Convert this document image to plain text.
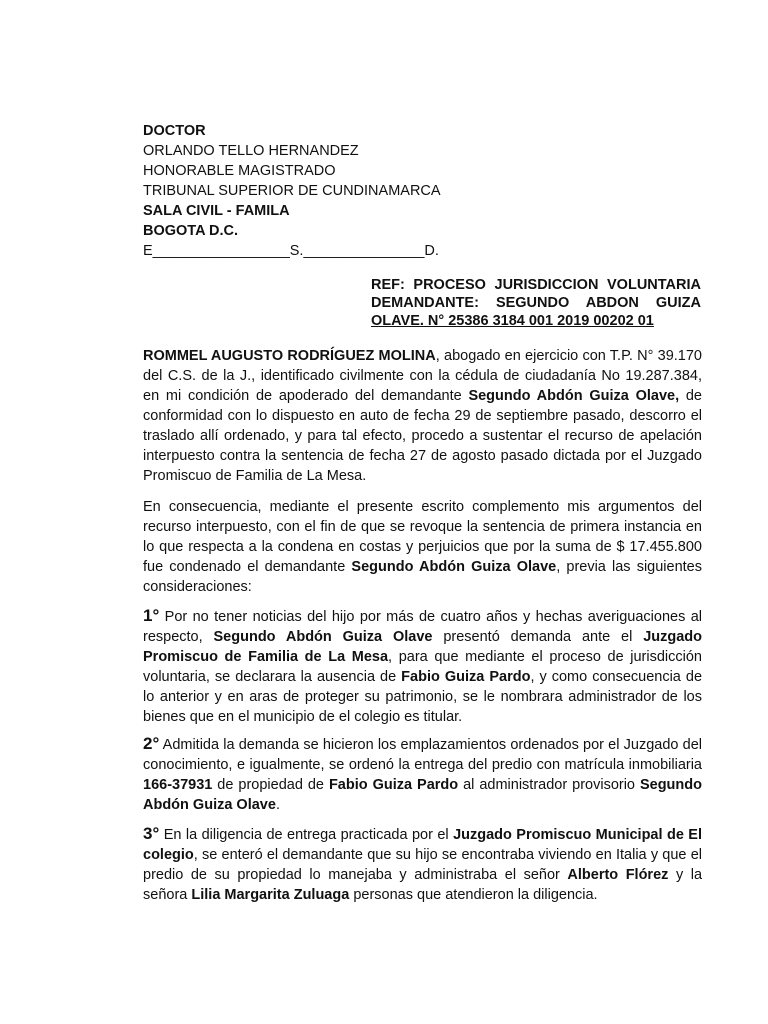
DOCTOR
ORLANDO TELLO HERNANDEZ
HONORABLE MAGISTRADO
TRIBUNAL SUPERIOR DE CUNDINAMARCA
SALA CIVIL - FAMILA
BOGOTA D.C.
E_________________S._______________D.
REF: PROCESO JURISDICCION VOLUNTARIA
DEMANDANTE: SEGUNDO ABDON GUIZA
OLAVE. N° 25386 3184 001 2019 00202 01
ROMMEL AUGUSTO RODRÍGUEZ MOLINA, abogado en ejercicio con T.P. N° 39.170 del C.S. de la J., identificado civilmente con la cédula de ciudadanía No 19.287.384, en mi condición de apoderado del demandante Segundo Abdón Guiza Olave, de conformidad con lo dispuesto en auto de fecha 29 de septiembre pasado, descorro el traslado allí ordenado, y para tal efecto, procedo a sustentar el recurso de apelación interpuesto contra la sentencia de fecha 27 de agosto pasado dictada por el Juzgado Promiscuo de Familia de La Mesa.
En consecuencia, mediante el presente escrito complemento mis argumentos del recurso interpuesto, con el fin de que se revoque la sentencia de primera instancia en lo que respecta a la condena en costas y perjuicios que por la suma de $ 17.455.800 fue condenado el demandante Segundo Abdón Guiza Olave, previa las siguientes consideraciones:
1° Por no tener noticias del hijo por más de cuatro años y hechas averiguaciones al respecto, Segundo Abdón Guiza Olave presentó demanda ante el Juzgado Promiscuo de Familia de La Mesa, para que mediante el proceso de jurisdicción voluntaria, se declarara la ausencia de Fabio Guiza Pardo, y como consecuencia de lo anterior y en aras de proteger su patrimonio, se le nombrara administrador de los bienes que en el municipio de el colegio es titular.
2° Admitida la demanda se hicieron los emplazamientos ordenados por el Juzgado del conocimiento, e igualmente, se ordenó la entrega del predio con matrícula inmobiliaria 166-37931 de propiedad de Fabio Guiza Pardo al administrador provisorio Segundo Abdón Guiza Olave.
3° En la diligencia de entrega practicada por el Juzgado Promiscuo Municipal de El colegio, se enteró el demandante que su hijo se encontraba viviendo en Italia y que el predio de su propiedad lo manejaba y administraba el señor Alberto Flórez y la señora Lilia Margarita Zuluaga personas que atendieron la diligencia.
